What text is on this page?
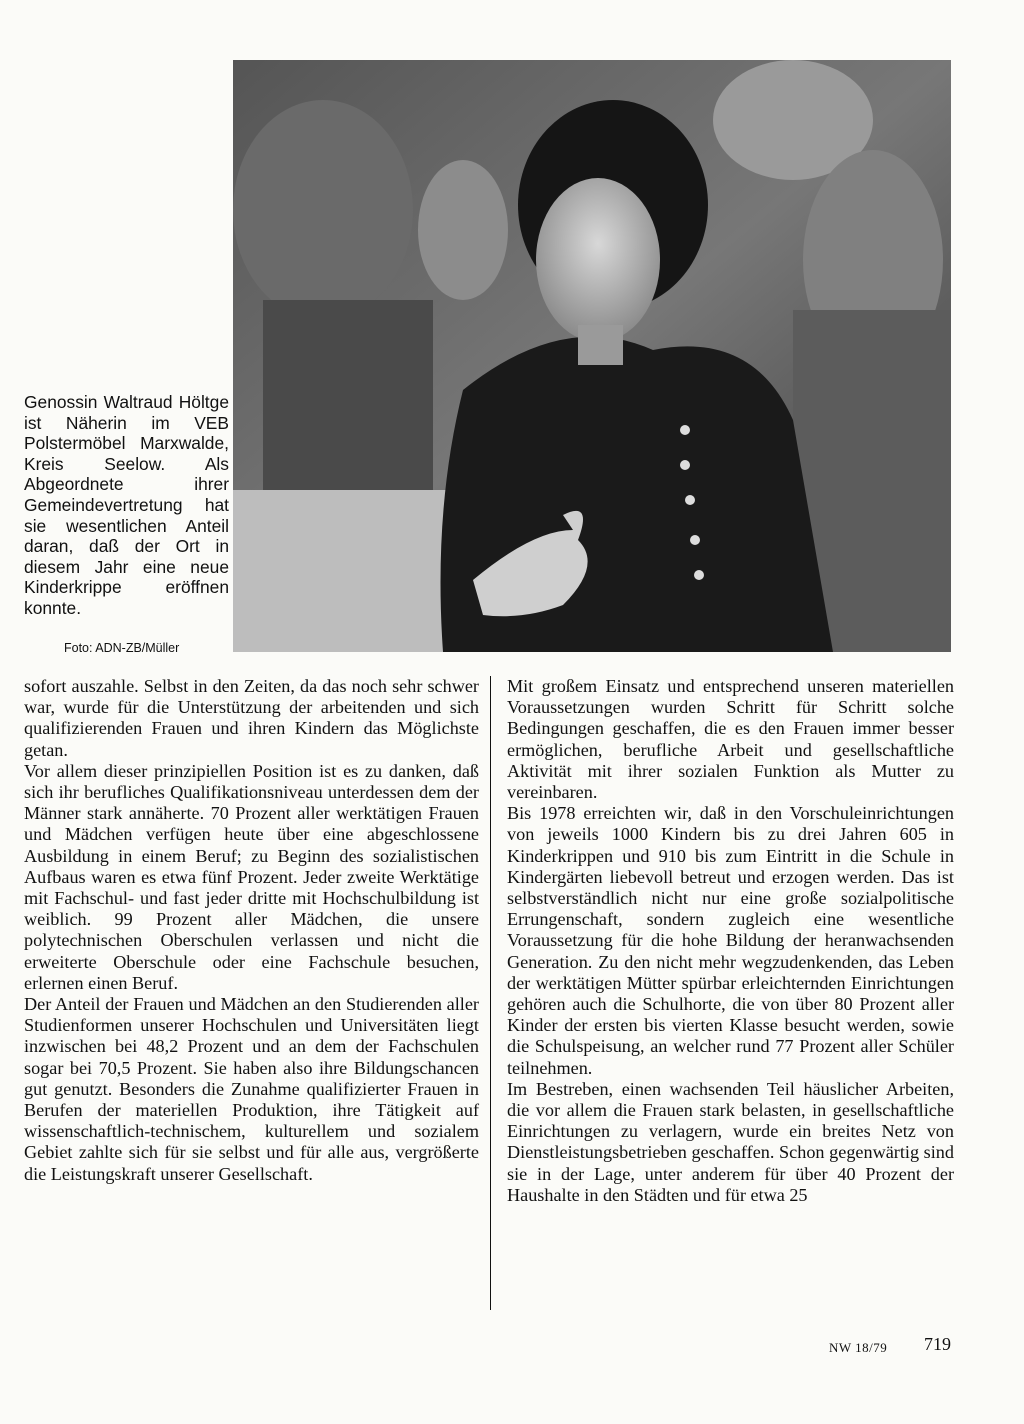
Genossin Waltraud Höltge ist Näherin im VEB Polstermöbel Marxwalde, Kreis Seelow. Als Abgeordnete ihrer Gemeindevertretung hat sie wesentlichen Anteil daran, daß der Ort in diesem Jahr eine neue Kinderkrippe eröffnen konnte.

Foto: ADN-ZB/Müller

sofort auszahle. Selbst in den Zeiten, da das noch sehr schwer war, wurde für die Unterstützung der arbeitenden und sich qualifizierenden Frauen und ihren Kindern das Möglichste getan.

Vor allem dieser prinzipiellen Position ist es zu danken, daß sich ihr berufliches Qualifikationsniveau unterdessen dem der Männer stark annäherte. 70 Prozent aller werktätigen Frauen und Mädchen verfügen heute über eine abgeschlossene Ausbildung in einem Beruf; zu Beginn des sozialistischen Aufbaus waren es etwa fünf Prozent. Jeder zweite Werktätige mit Fachschul- und fast jeder dritte mit Hochschulbildung ist weiblich. 99 Prozent aller Mädchen, die unsere polytechnischen Oberschulen verlassen und nicht die erweiterte Oberschule oder eine Fachschule besuchen, erlernen einen Beruf.

Der Anteil der Frauen und Mädchen an den Studierenden aller Studienformen unserer Hochschulen und Universitäten liegt inzwischen bei 48,2 Prozent und an dem der Fachschulen sogar bei 70,5 Prozent. Sie haben also ihre Bildungschancen gut genutzt. Besonders die Zunahme qualifizierter Frauen in Berufen der materiellen Produktion, ihre Tätigkeit auf wissenschaftlich-technischem, kulturellem und sozialem Gebiet zahlte sich für sie selbst und für alle aus, vergrößerte die Leistungskraft unserer Gesellschaft.

Mit großem Einsatz und entsprechend unseren materiellen Voraussetzungen wurden Schritt für Schritt solche Bedingungen geschaffen, die es den Frauen immer besser ermöglichen, berufliche Arbeit und gesellschaftliche Aktivität mit ihrer sozialen Funktion als Mutter zu vereinbaren.

Bis 1978 erreichten wir, daß in den Vorschuleinrichtungen von jeweils 1000 Kindern bis zu drei Jahren 605 in Kinderkrippen und 910 bis zum Eintritt in die Schule in Kindergärten liebevoll betreut und erzogen werden. Das ist selbstverständlich nicht nur eine große sozialpolitische Errungenschaft, sondern zugleich eine wesentliche Voraussetzung für die hohe Bildung der heranwachsenden Generation. Zu den nicht mehr wegzudenkenden, das Leben der werktätigen Mütter spürbar erleichternden Einrichtungen gehören auch die Schulhorte, die von über 80 Prozent aller Kinder der ersten bis vierten Klasse besucht werden, sowie die Schulspeisung, an welcher rund 77 Prozent aller Schüler teilnehmen.

Im Bestreben, einen wachsenden Teil häuslicher Arbeiten, die vor allem die Frauen stark belasten, in gesellschaftliche Einrichtungen zu verlagern, wurde ein breites Netz von Dienstleistungsbetrieben geschaffen. Schon gegenwärtig sind sie in der Lage, unter anderem für über 40 Prozent der Haushalte in den Städten und für etwa 25

NW 18/79 719
